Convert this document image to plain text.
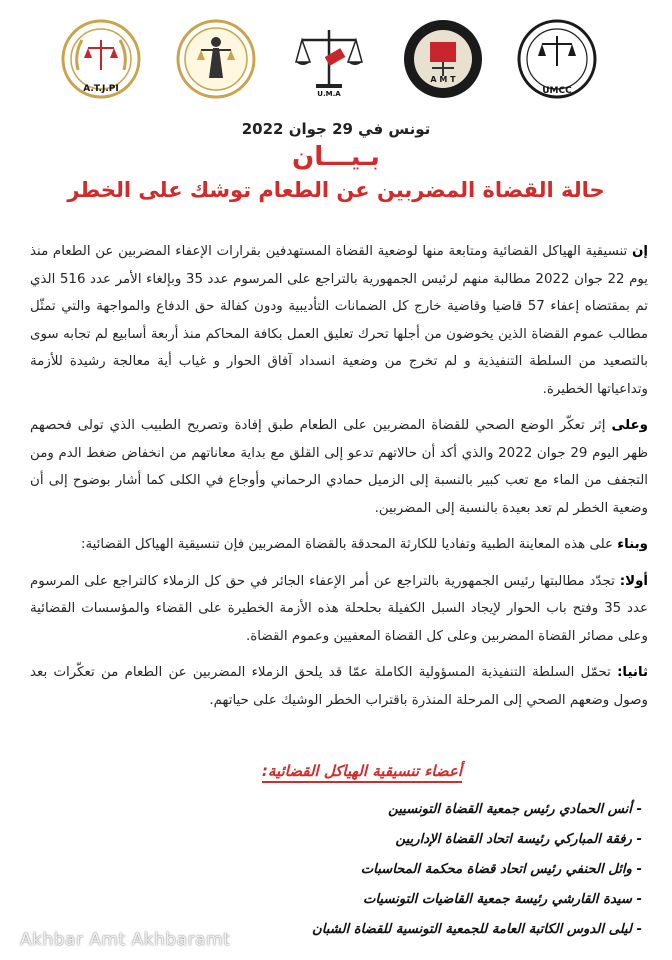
A.T.J.PI	U.M.A
A M T
UMCC
تونس في 29 جوان 2022
بـيـــان
حالة القضاة المضربين عن الطعام توشك على الخطر

إن تنسيقية الهياكل القضائية ومتابعة منها لوضعية القضاة المستهدفين بقرارات الإعفاء المضربين عن الطعام منذ يوم 22 جوان 2022 مطالبة منهم لرئيس الجمهورية بالتراجع على المرسوم عدد 35 وبإلغاء الأمر عدد 516 الذي تم بمقتضاه إعفاء 57 قاضيا وقاضية خارج كل الضمانات التأديبية ودون كفالة حق الدفاع والمواجهة والتي تمثّل مطالب عموم القضاة الذين يخوضون من أجلها تحرك تعليق العمل بكافة المحاكم منذ أربعة أسابيع لم تجابه سوى بالتصعيد من السلطة التنفيذية و لم تخرج من وضعية انسداد آفاق الحوار و غياب أية معالجة رشيدة للأزمة وتداعياتها الخطيرة.

وعلى إثر تعكّر الوضع الصحي للقضاة المضربين على الطعام طبق إفادة وتصريح الطبيب الذي تولى فحصهم ظهر اليوم 29 جوان 2022 والذي أكد أن حالاتهم تدعو إلى القلق مع بداية معاناتهم من انخفاض ضغط الدم ومن التجفف من الماء مع تعب كبير بالنسبة إلى الزميل حمادي الرحماني وأوجاع في الكلى كما أشار بوضوح إلى أن وضعية الخطر لم تعد بعيدة بالنسبة إلى المضربين.

وبناء على هذه المعاينة الطبية وتفاديا للكارثة المحدقة بالقضاة المضربين فإن تنسيقية الهياكل القضائية:

أولا: تجدّد مطالبتها رئيس الجمهورية بالتراجع عن أمر الإعفاء الجائر في حق كل الزملاء كالتراجع على المرسوم عدد 35 وفتح باب الحوار لإيجاد السبل الكفيلة بحلحلة هذه الأزمة الخطيرة على القضاء والمؤسسات القضائية وعلى مصائر القضاة المضربين وعلى كل القضاة المعفيين وعموم القضاة.

ثانيا: تحمّل السلطة التنفيذية المسؤولية الكاملة عمّا قد يلحق الزملاء المضربين عن الطعام من تعكّرات بعد وصول وضعهم الصحي إلى المرحلة المنذرة باقتراب الخطر الوشيك على حياتهم.

أعضاء تنسيقية الهياكل القضائية:
- أنس الحمادي رئيس جمعية القضاة التونسيين
- رفقة المباركي رئيسة اتحاد القضاة الإداريين
- وائل الحنفي رئيس اتحاد قضاة محكمة المحاسبات
- سيدة القارشي رئيسة جمعية القاضيات التونسيات
- ليلى الدوس الكاتبة العامة للجمعية التونسية للقضاة الشبان
Akhbar Amt Akhbaramt
